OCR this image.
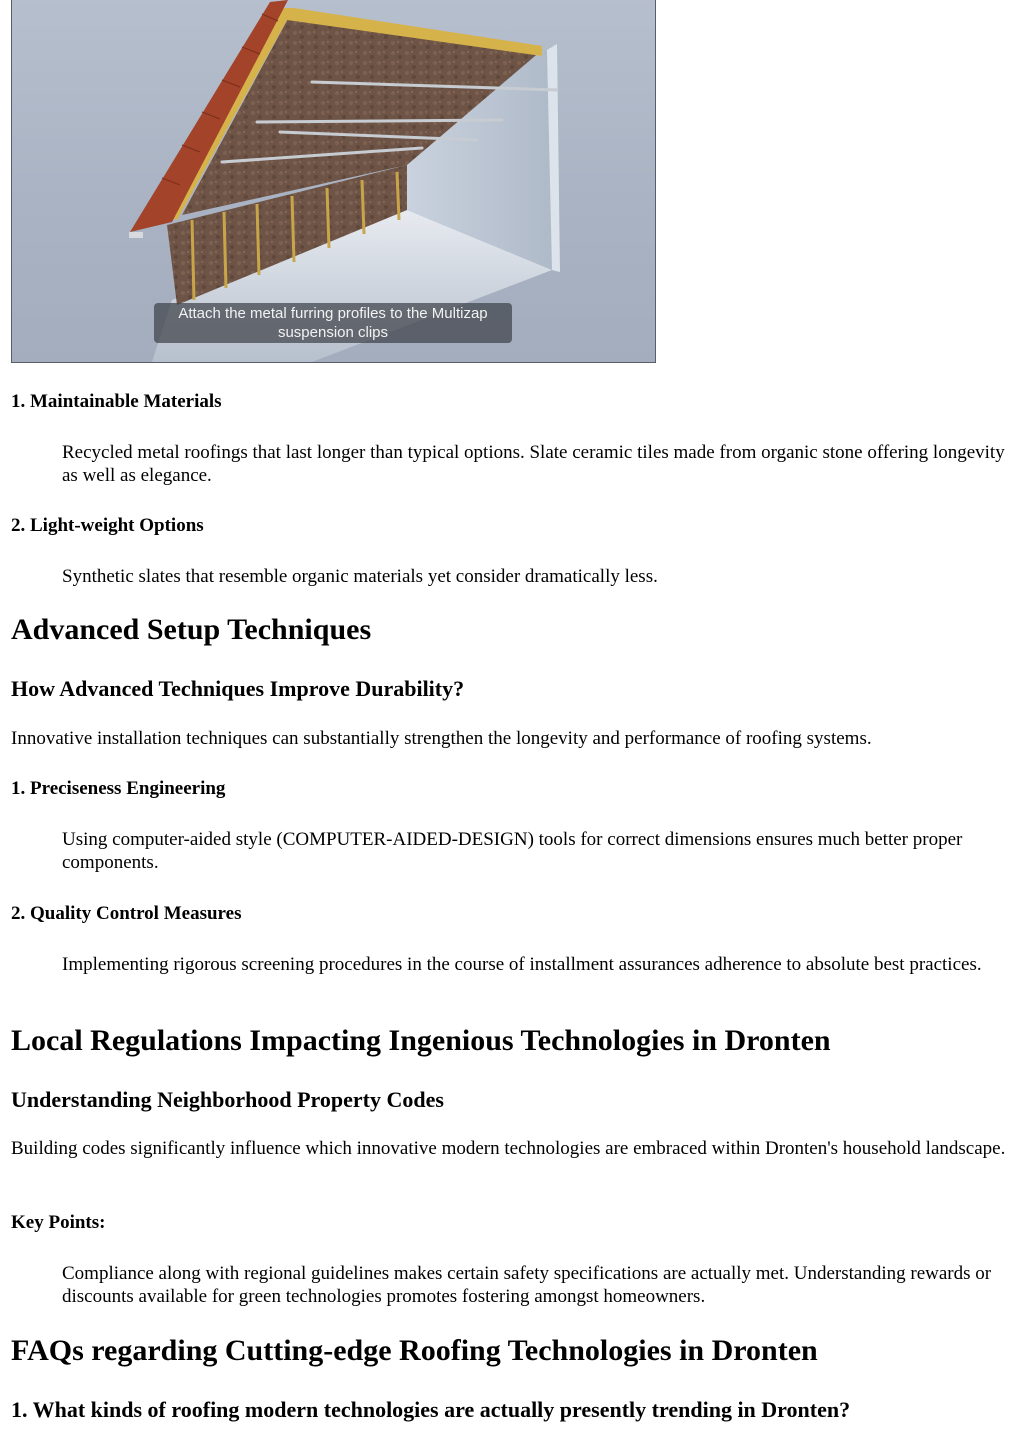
Attach the metal furring profiles to the Multizap
suspension clips
1. Maintainable Materials

Recycled metal roofings that last longer than typical options. Slate ceramic tiles made from organic stone offering longevity as well as elegance.

2. Light-weight Options

Synthetic slates that resemble organic materials yet consider dramatically less.

Advanced Setup Techniques
How Advanced Techniques Improve Durability?

Innovative installation techniques can substantially strengthen the longevity and performance of roofing systems.

1. Preciseness Engineering

Using computer-aided style (COMPUTER-AIDED-DESIGN) tools for correct dimensions ensures much better proper components.

2. Quality Control Measures

Implementing rigorous screening procedures in the course of installment assurances adherence to absolute best practices.

Local Regulations Impacting Ingenious Technologies in Dronten
Understanding Neighborhood Property Codes

Building codes significantly influence which innovative modern technologies are embraced within Dronten's household landscape.

Key Points:

Compliance along with regional guidelines makes certain safety specifications are actually met. Understanding rewards or discounts available for green technologies promotes fostering amongst homeowners.

FAQs regarding Cutting-edge Roofing Technologies in Dronten
1. What kinds of roofing modern technologies are actually presently trending in Dronten?
